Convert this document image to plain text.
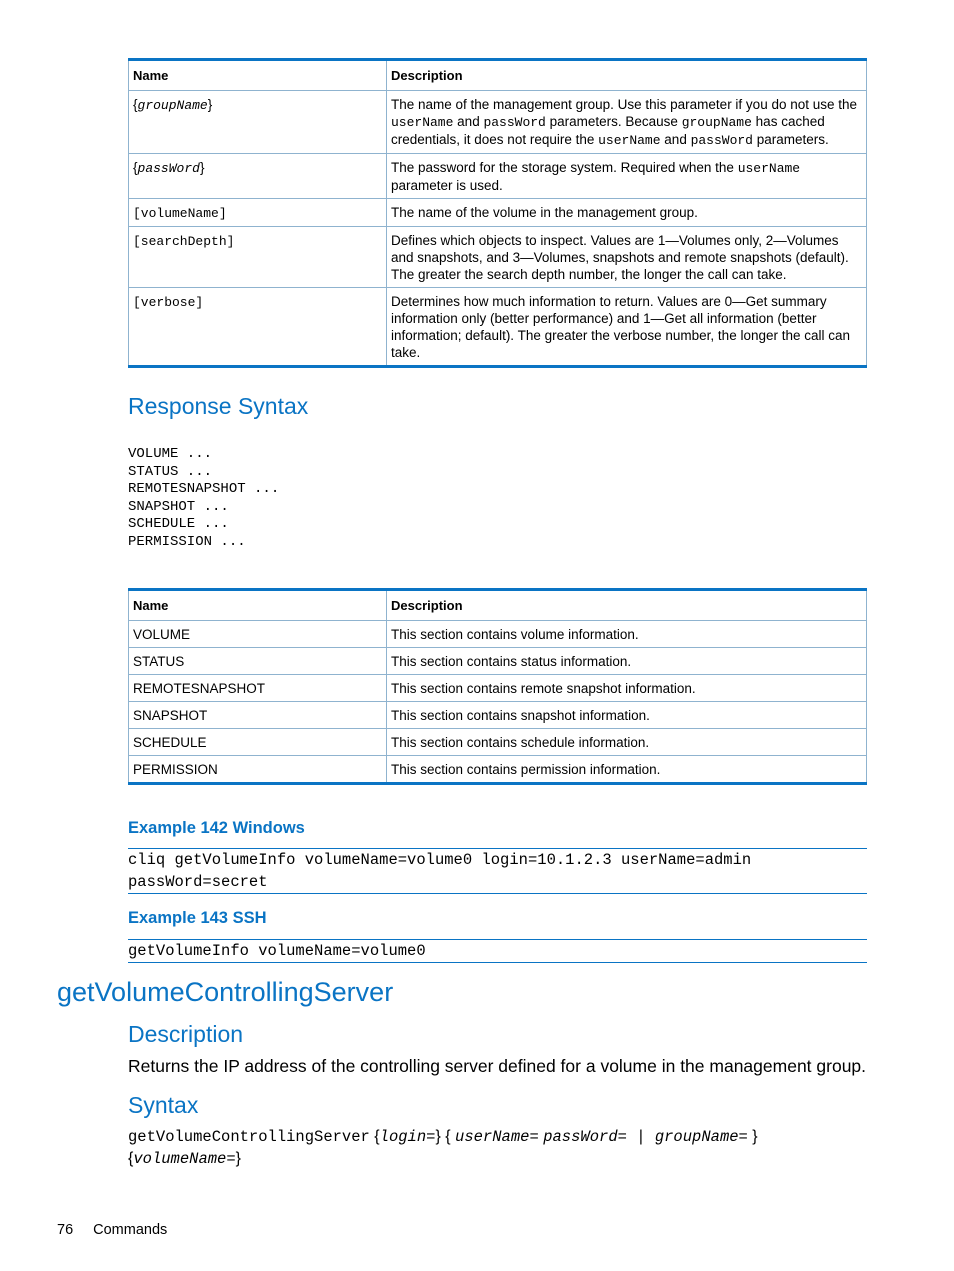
Name	Description
{groupName}	The name of the management group. Use this parameter if you do not use the userName and passWord parameters. Because groupName has cached credentials, it does not require the userName and passWord parameters.
{passWord}	The password for the storage system. Required when the userName parameter is used.
[volumeName]	The name of the volume in the management group.
[searchDepth]	Defines which objects to inspect. Values are 1—Volumes only, 2—Volumes and snapshots, and 3—Volumes, snapshots and remote snapshots (default). The greater the search depth number, the longer the call can take.
[verbose]	Determines how much information to return. Values are 0—Get summary information only (better performance) and 1—Get all information (better information; default). The greater the verbose number, the longer the call can take.
Response Syntax
VOLUME ...
STATUS ...
REMOTESNAPSHOT ...
SNAPSHOT ...
SCHEDULE ...
PERMISSION ...
Name	Description
VOLUME	This section contains volume information.
STATUS	This section contains status information.
REMOTESNAPSHOT	This section contains remote snapshot information.
SNAPSHOT	This section contains snapshot information.
SCHEDULE	This section contains schedule information.
PERMISSION	This section contains permission information.
Example 142 Windows
cliq getVolumeInfo volumeName=volume0 login=10.1.2.3 userName=admin
passWord=secret
Example 143 SSH
getVolumeInfo volumeName=volume0
getVolumeControllingServer
Description

Returns the IP address of the controlling server defined for a volume in the management group.

Syntax
getVolumeControllingServer {login=} { userName= passWord= | groupName= }
{volumeName=}
76 Commands
